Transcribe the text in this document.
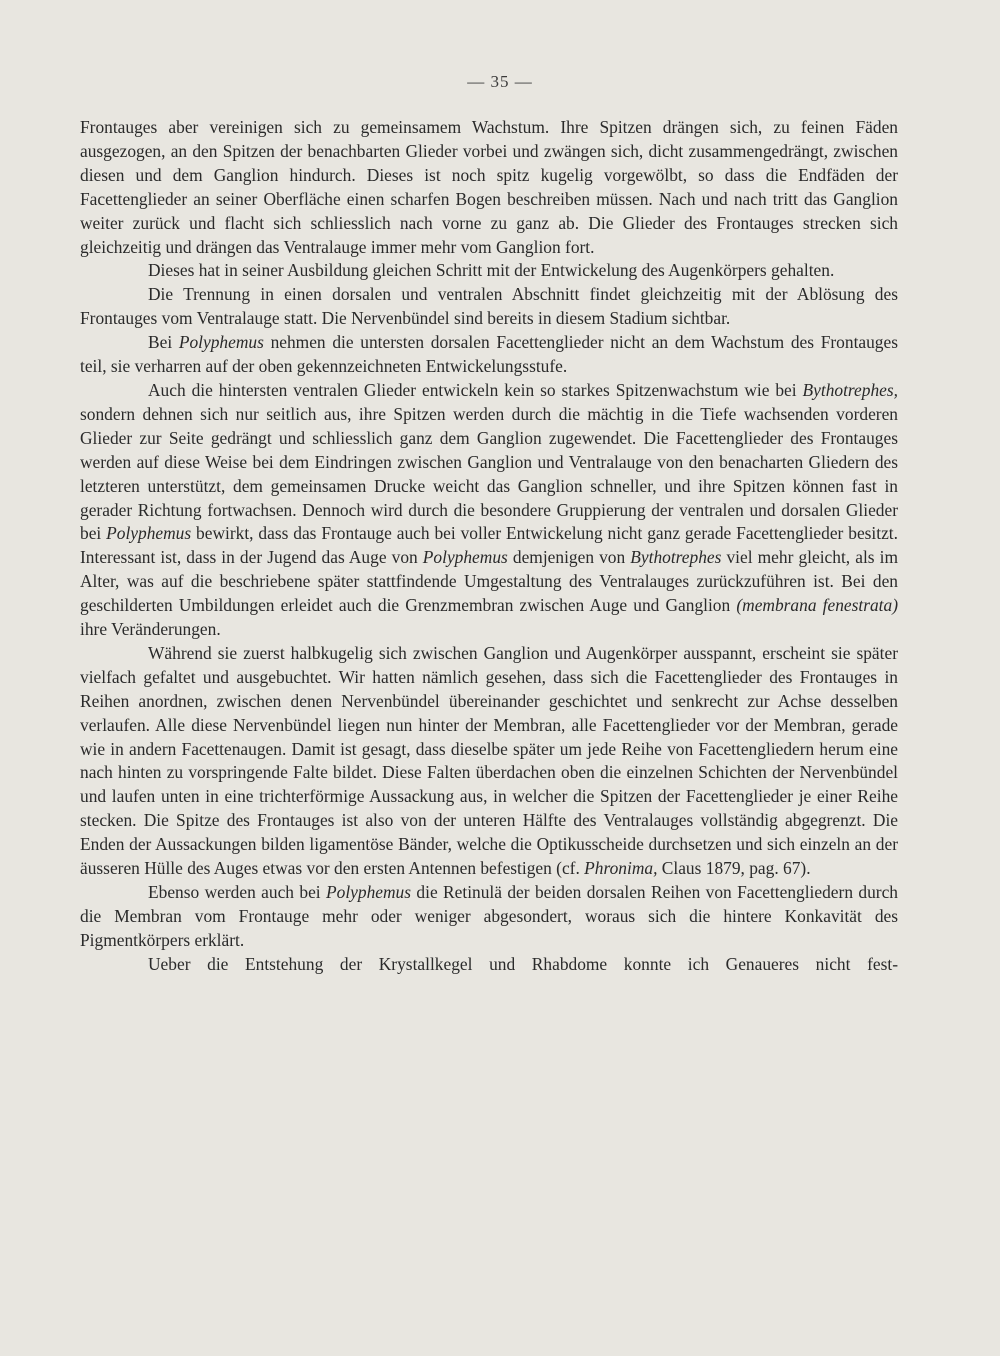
— 35 —

Frontauges aber vereinigen sich zu gemeinsamem Wachstum. Ihre Spitzen drängen sich, zu feinen Fäden ausgezogen, an den Spitzen der benachbarten Glieder vorbei und zwängen sich, dicht zusammengedrängt, zwischen diesen und dem Ganglion hindurch. Dieses ist noch spitz kugelig vorgewölbt, so dass die Endfäden der Facettenglieder an seiner Oberfläche einen scharfen Bogen beschreiben müssen. Nach und nach tritt das Ganglion weiter zurück und flacht sich schliesslich nach vorne zu ganz ab. Die Glieder des Frontauges strecken sich gleichzeitig und drängen das Ventralauge immer mehr vom Ganglion fort.

Dieses hat in seiner Ausbildung gleichen Schritt mit der Entwickelung des Augenkörpers gehalten.

Die Trennung in einen dorsalen und ventralen Abschnitt findet gleichzeitig mit der Ablösung des Frontauges vom Ventralauge statt. Die Nervenbündel sind bereits in diesem Stadium sichtbar.

Bei Polyphemus nehmen die untersten dorsalen Facettenglieder nicht an dem Wachstum des Frontauges teil, sie verharren auf der oben gekennzeichneten Entwickelungsstufe.

Auch die hintersten ventralen Glieder entwickeln kein so starkes Spitzenwachstum wie bei Bythotrephes, sondern dehnen sich nur seitlich aus, ihre Spitzen werden durch die mächtig in die Tiefe wachsenden vorderen Glieder zur Seite gedrängt und schliesslich ganz dem Ganglion zugewendet. Die Facettenglieder des Frontauges werden auf diese Weise bei dem Eindringen zwischen Ganglion und Ventralauge von den benacharten Gliedern des letzteren unterstützt, dem gemeinsamen Drucke weicht das Ganglion schneller, und ihre Spitzen können fast in gerader Richtung fortwachsen. Dennoch wird durch die besondere Gruppierung der ventralen und dorsalen Glieder bei Polyphemus bewirkt, dass das Frontauge auch bei voller Entwickelung nicht ganz gerade Facettenglieder besitzt. Interessant ist, dass in der Jugend das Auge von Polyphemus demjenigen von Bythotrephes viel mehr gleicht, als im Alter, was auf die beschriebene später stattfindende Umgestaltung des Ventralauges zurückzuführen ist. Bei den geschilderten Umbildungen erleidet auch die Grenzmembran zwischen Auge und Ganglion (membrana fenestrata) ihre Veränderungen.

Während sie zuerst halbkugelig sich zwischen Ganglion und Augenkörper ausspannt, erscheint sie später vielfach gefaltet und ausgebuchtet. Wir hatten nämlich gesehen, dass sich die Facettenglieder des Frontauges in Reihen anordnen, zwischen denen Nervenbündel übereinander geschichtet und senkrecht zur Achse desselben verlaufen. Alle diese Nervenbündel liegen nun hinter der Membran, alle Facettenglieder vor der Membran, gerade wie in andern Facettenaugen. Damit ist gesagt, dass dieselbe später um jede Reihe von Facettengliedern herum eine nach hinten zu vorspringende Falte bildet. Diese Falten überdachen oben die einzelnen Schichten der Nervenbündel und laufen unten in eine trichterförmige Aussackung aus, in welcher die Spitzen der Facettenglieder je einer Reihe stecken. Die Spitze des Frontauges ist also von der unteren Hälfte des Ventralauges vollständig abgegrenzt. Die Enden der Aussackungen bilden ligamentöse Bänder, welche die Optikusscheide durchsetzen und sich einzeln an der äusseren Hülle des Auges etwas vor den ersten Antennen befestigen (cf. Phronima, Claus 1879, pag. 67).

Ebenso werden auch bei Polyphemus die Retinulä der beiden dorsalen Reihen von Facettengliedern durch die Membran vom Frontauge mehr oder weniger abgesondert, woraus sich die hintere Konkavität des Pigmentkörpers erklärt.

Ueber die Entstehung der Krystallkegel und Rhabdome konnte ich Genaueres nicht fest-
